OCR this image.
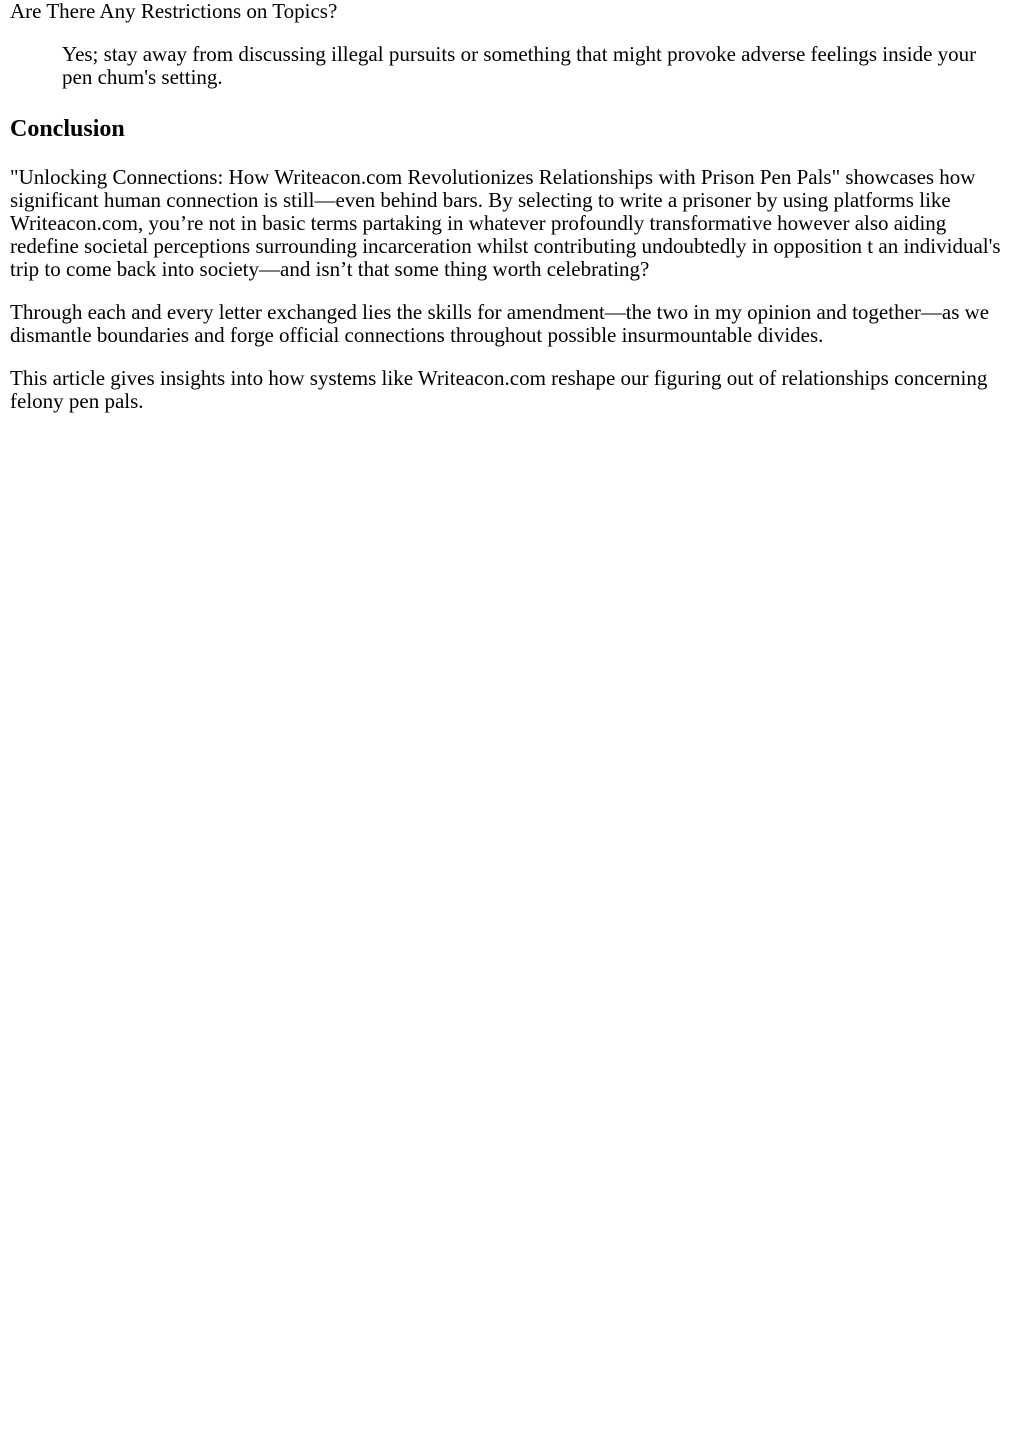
Are There Any Restrictions on Topics?
Yes; stay away from discussing illegal pursuits or something that might provoke adverse feelings inside your pen chum's setting.
Conclusion

"Unlocking Connections: How Writeacon.com Revolutionizes Relationships with Prison Pen Pals" showcases how significant human connection is still—even behind bars. By selecting to write a prisoner by using platforms like Writeacon.com, you’re not in basic terms partaking in whatever profoundly transformative however also aiding redefine societal perceptions surrounding incarceration whilst contributing undoubtedly in opposition t an individual's trip to come back into society—and isn’t that some thing worth celebrating?

Through each and every letter exchanged lies the skills for amendment—the two in my opinion and together—as we dismantle boundaries and forge official connections throughout possible insurmountable divides.

This article gives insights into how systems like Writeacon.com reshape our figuring out of relationships concerning felony pen pals.
